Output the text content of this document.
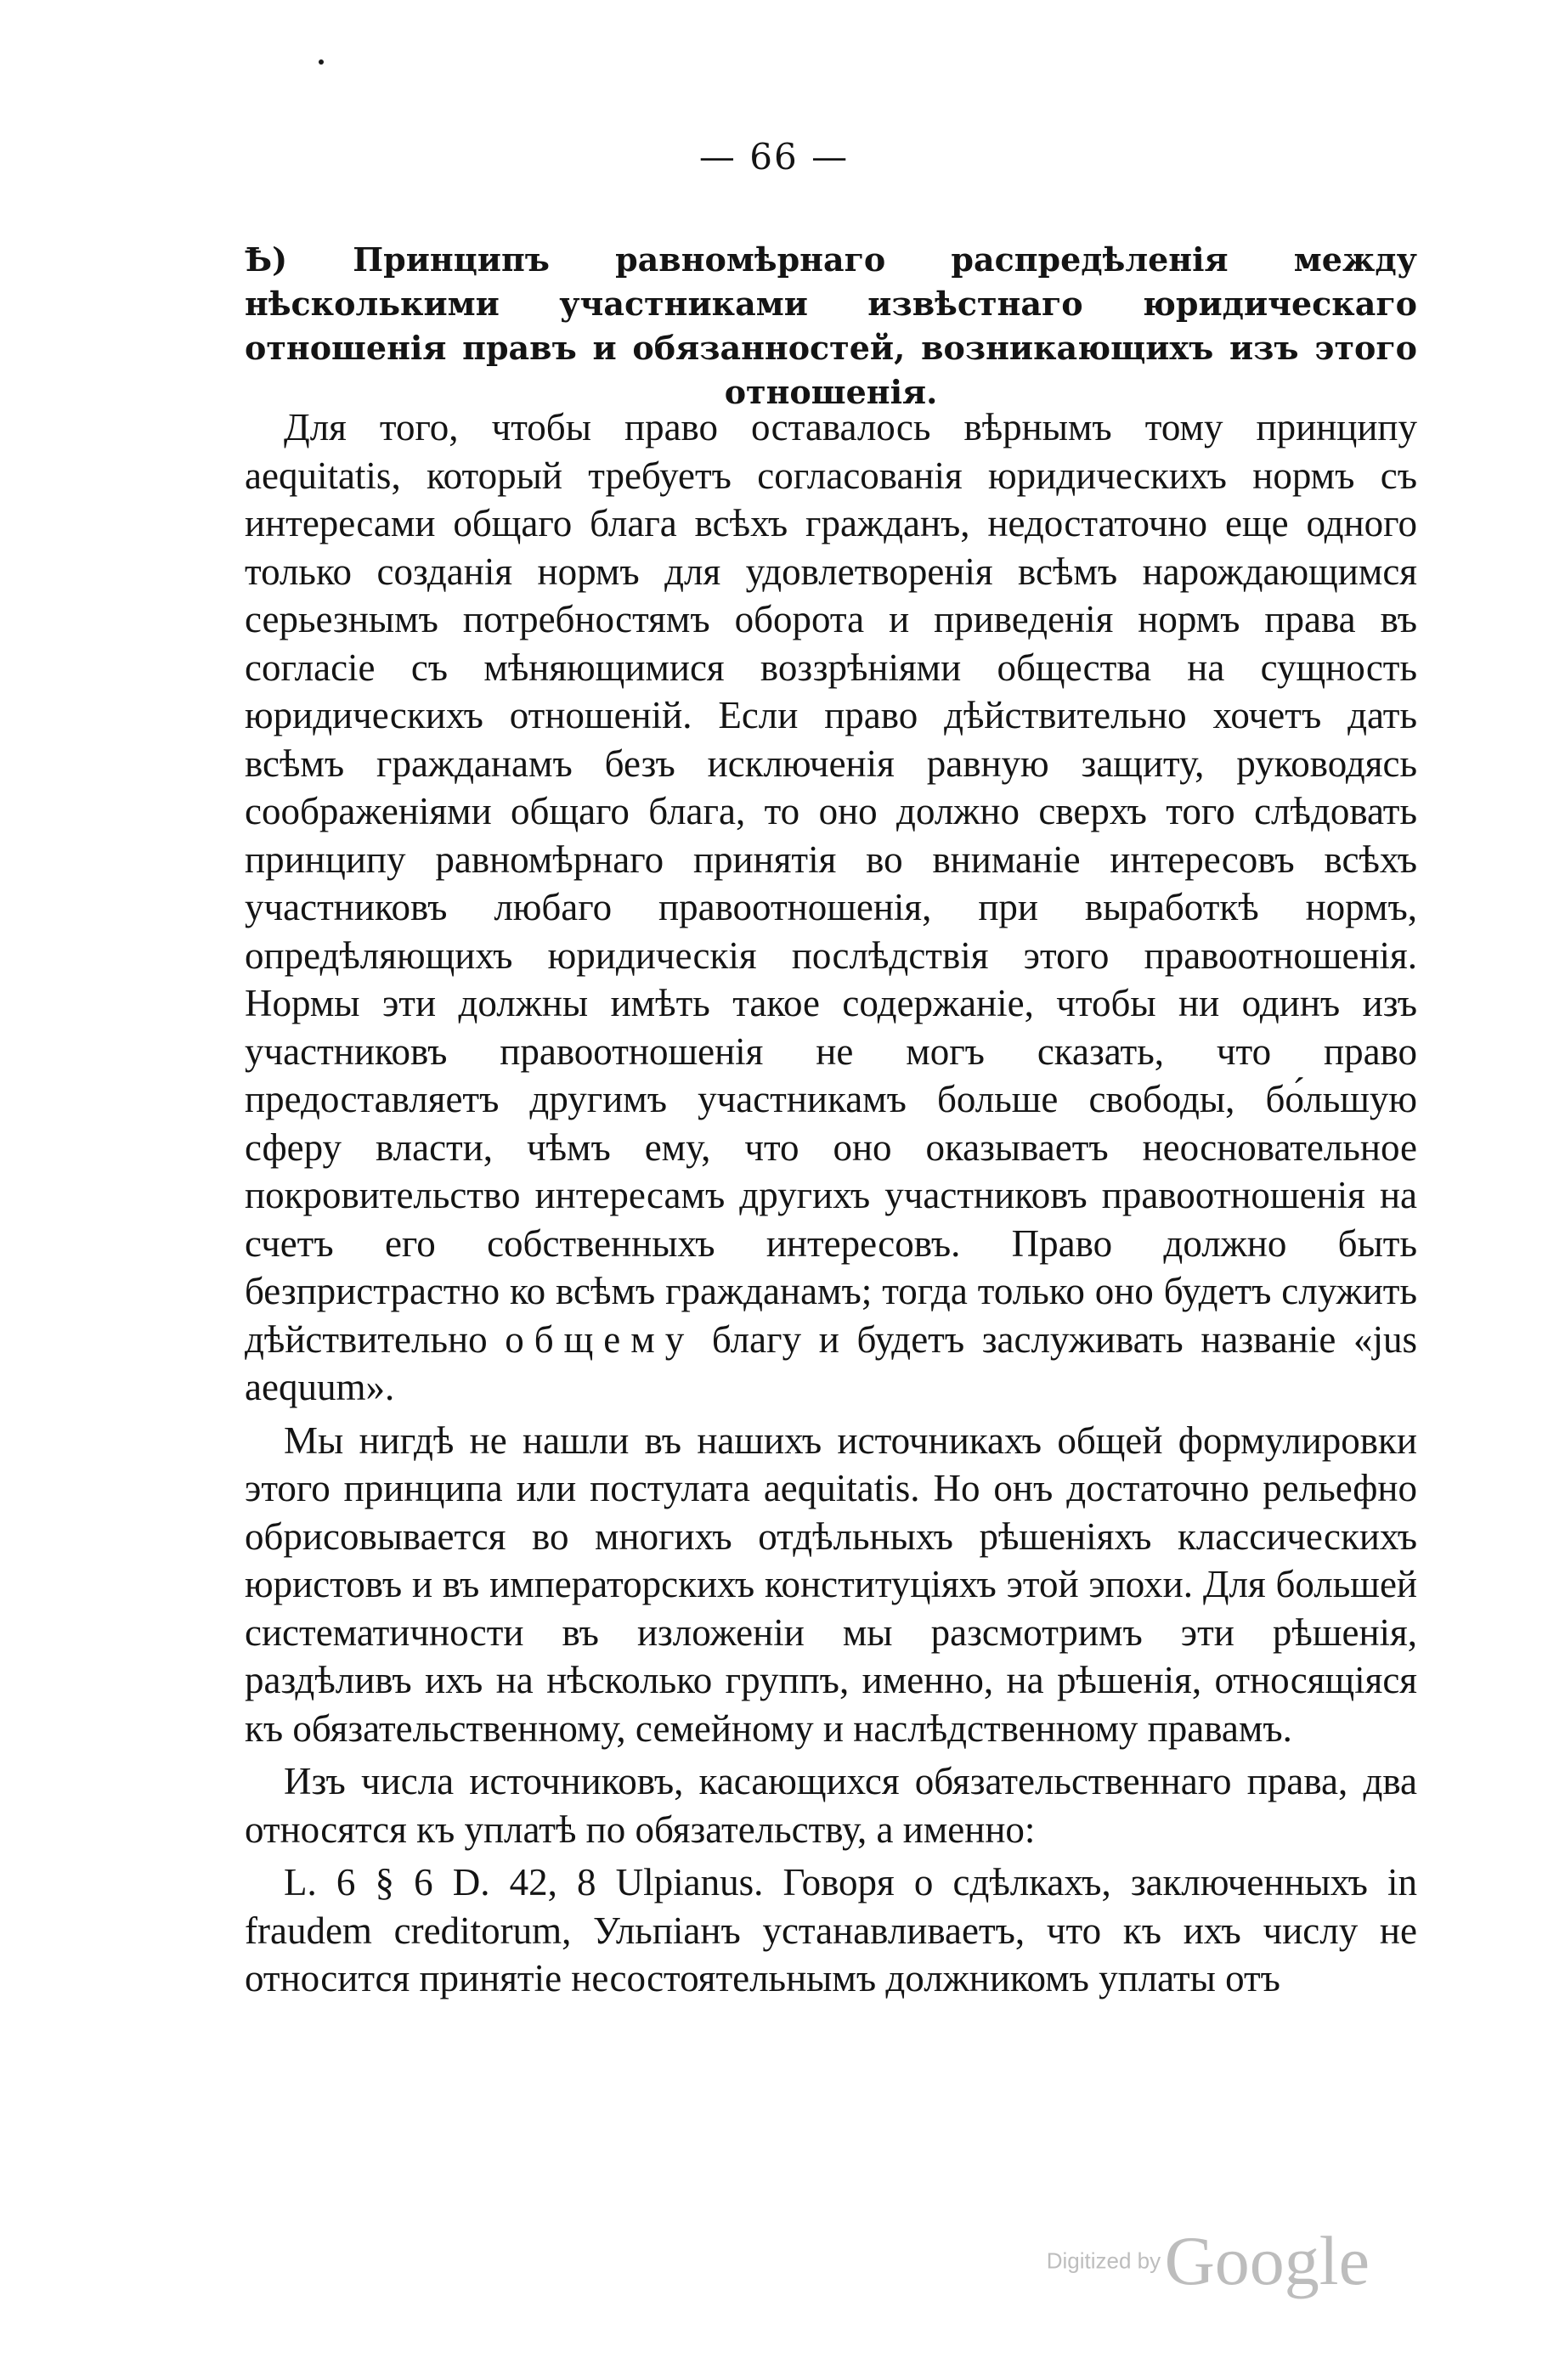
— 66 —
Ҍ) Принципъ равномѣрнаго распредѣленія между нѣсколькими участниками извѣстнаго юридическаго отношенія правъ и обязанностей, возникающихъ изъ этого отношенія.

Для того, чтобы право оставалось вѣрнымъ тому принципу aequitatis, который требуетъ согласованія юридическихъ нормъ съ интересами общаго блага всѣхъ гражданъ, недостаточно еще одного только созданія нормъ для удовлетворенія всѣмъ нарождающимся серьезнымъ потребностямъ оборота и приведенія нормъ права въ согласіе съ мѣняющимися воззрѣніями общества на сущность юридическихъ отношеній. Если право дѣйствительно хочетъ дать всѣмъ гражданамъ безъ исключенія равную защиту, руководясь соображеніями общаго блага, то оно должно сверхъ того слѣдовать принципу равномѣрнаго принятія во вниманіе интересовъ всѣхъ участниковъ любаго правоотношенія, при выработкѣ нормъ, опредѣляющихъ юридическія послѣдствія этого правоотношенія. Нормы эти должны имѣть такое содержаніе, чтобы ни одинъ изъ участниковъ правоотношенія не могъ сказать, что право предоставляетъ другимъ участникамъ больше свободы, бо́льшую сферу власти, чѣмъ ему, что оно оказываетъ неосновательное покровительство интересамъ другихъ участниковъ правоотношенія на счетъ его собственныхъ интересовъ. Право должно быть безпристрастно ко всѣмъ гражданамъ; тогда только оно будетъ служить дѣйствительно общему благу и будетъ заслуживать названіе «jus aequum».

Мы нигдѣ не нашли въ нашихъ источникахъ общей формулировки этого принципа или постулата aequitatis. Но онъ достаточно рельефно обрисовывается во многихъ отдѣльныхъ рѣшеніяхъ классическихъ юристовъ и въ императорскихъ конституціяхъ этой эпохи. Для большей систематичности въ изложеніи мы разсмотримъ эти рѣшенія, раздѣливъ ихъ на нѣсколько группъ, именно, на рѣшенія, относящіяся къ обязательственному, семейному и наслѣдственному правамъ.

Изъ числа источниковъ, касающихся обязательственнаго права, два относятся къ уплатѣ по обязательству, а именно:

L. 6 § 6 D. 42, 8 Ulpianus. Говоря о сдѣлкахъ, заключенныхъ in fraudem creditorum, Ульпіанъ устанавливаетъ, что къ ихъ числу не относится принятіе несостоятельнымъ должникомъ уплаты отъ

Digitized by Google
